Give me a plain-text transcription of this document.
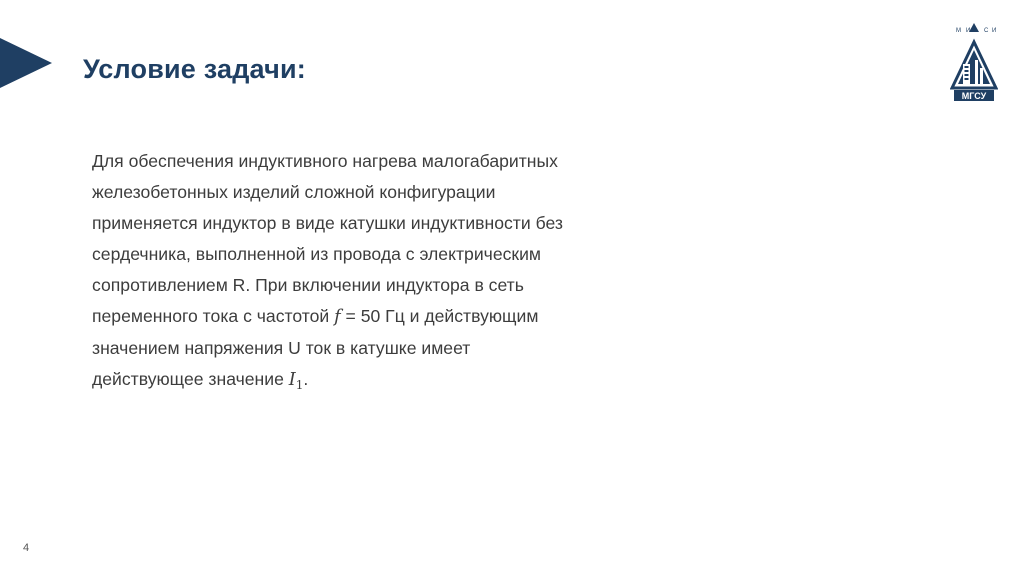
Условие задачи:
М И С И
МГСУ
Для обеспечения индуктивного нагрева малогабаритных
железобетонных изделий сложной конфигурации
применяется индуктор в виде катушки индуктивности без
сердечника, выполненной из провода с электрическим
сопротивлением R. При включении индуктора в сеть
переменного тока с частотой f = 50 Гц и действующим
значением напряжения U ток в катушке имеет
действующее значение $I_1$.
4
